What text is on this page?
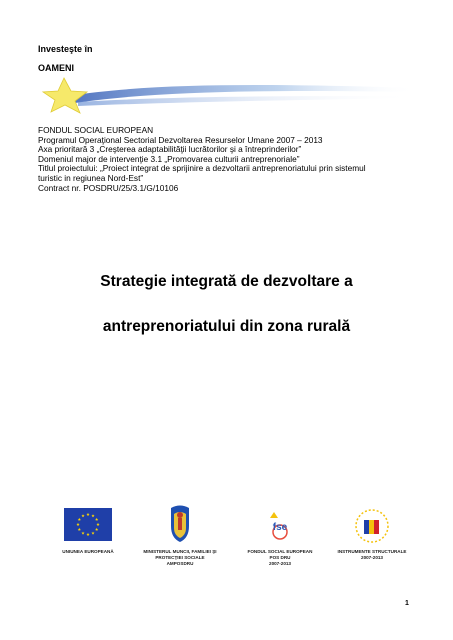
Investeşte în
OAMENI
FONDUL SOCIAL EUROPEAN
Programul Operaţional Sectorial Dezvoltarea Resurselor Umane 2007 – 2013
Axa prioritară 3 „Creşterea adaptabilităţii lucrătorilor şi a întreprinderilor”
Domeniul major de intervenţie 3.1 „Promovarea culturii antreprenoriale”
Titlul proiectului: „Proiect integrat de sprijinire a dezvoltarii antreprenoriatului prin sistemul
turistic in regiunea Nord-Est”
Contract nr. POSDRU/25/3.1/G/10106
Strategie integrată de dezvoltare a
antreprenoriatului din zona rurală
fse
UNIUNEA EUROPEANĂ	MINISTERUL MUNCII, FAMILIEI ŞI
PROTECŢIEI SOCIALE
AMPOSDRU
FONDUL SOCIAL EUROPEAN
POS DRU
2007-2013
INSTRUMENTE STRUCTURALE
2007-2013
1
